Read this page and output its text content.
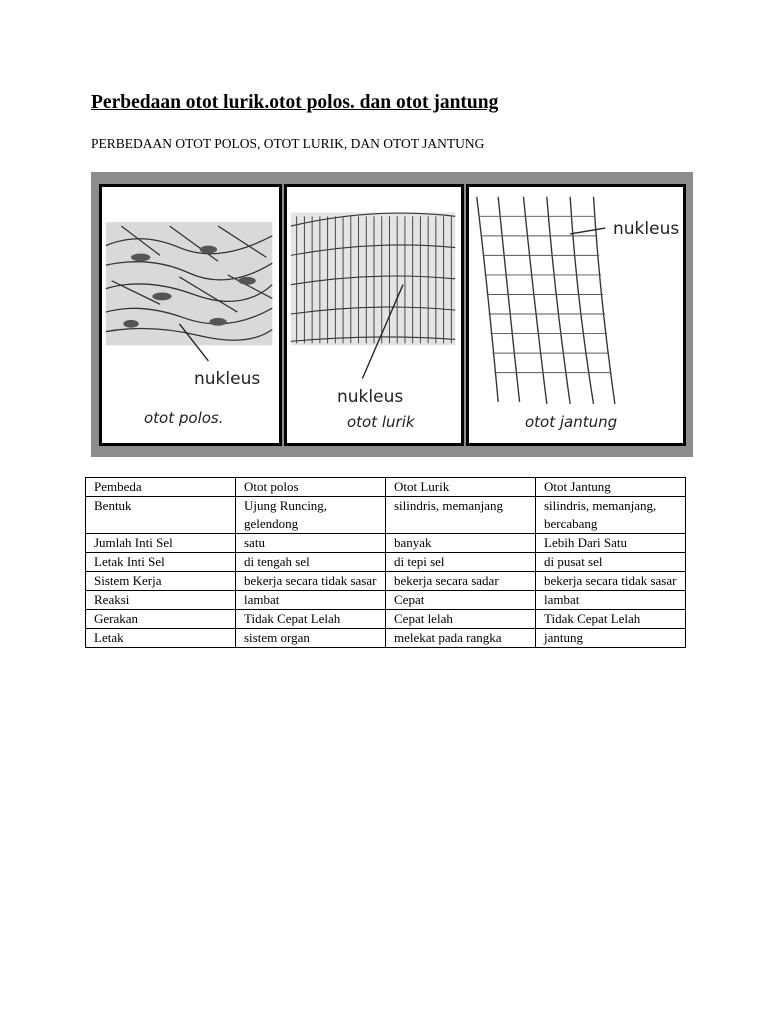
Perbedaan otot lurik.otot polos. dan otot jantung

PERBEDAAN OTOT POLOS, OTOT LURIK, DAN OTOT JANTUNG

nukleus
otot polos.
nukleus
otot lurik
nukleus
otot jantung
Pembeda	Otot polos	Otot Lurik	Otot Jantung
Bentuk	Ujung Runcing, gelendong	silindris, memanjang	silindris, memanjang, bercabang
Jumlah Inti Sel	satu	banyak	Lebih Dari Satu
Letak Inti Sel	di tengah sel	di tepi sel	di pusat sel
Sistem Kerja	bekerja secara tidak sasar	bekerja secara sadar	bekerja secara tidak sasar
Reaksi	lambat	Cepat	lambat
Gerakan	Tidak Cepat Lelah	Cepat lelah	Tidak Cepat Lelah
Letak	sistem organ	melekat pada rangka	jantung
